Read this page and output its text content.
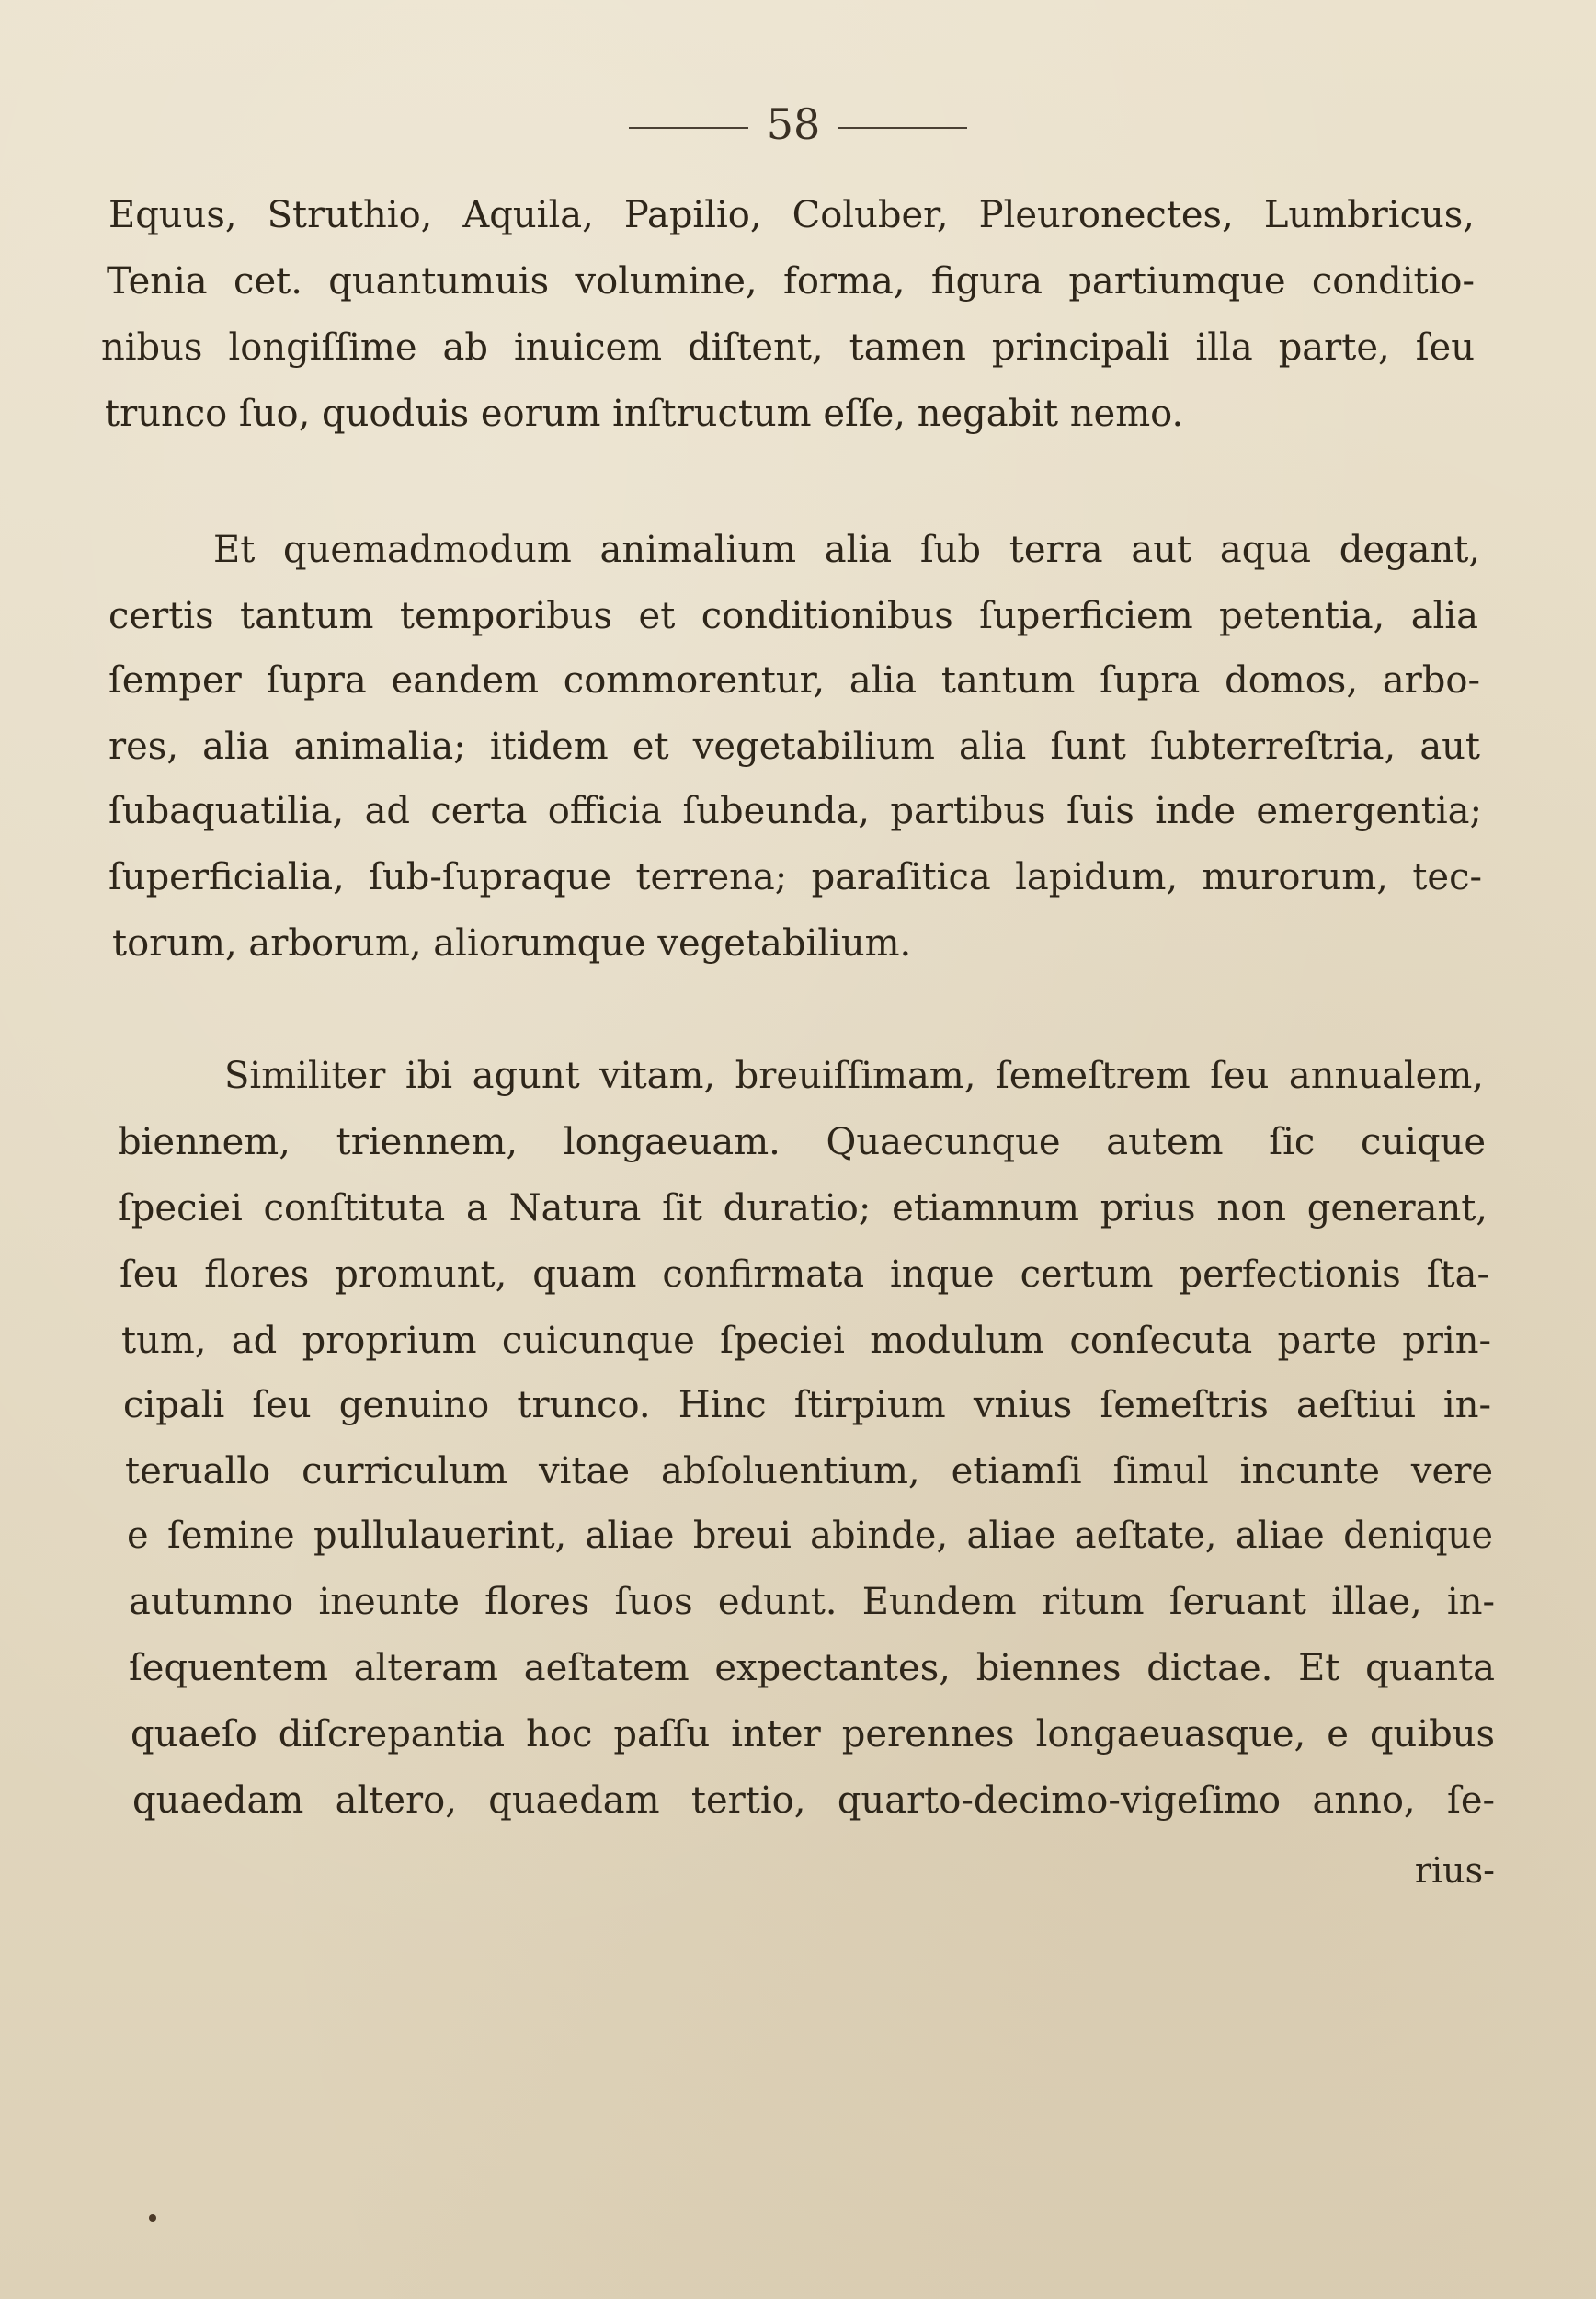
58
Equus, Struthio, Aquila, Papilio, Coluber, Pleuronectes, Lumbricus,
Tenia cet. quantumuis volumine, forma, figura partiumque conditio-
nibus longiſſime ab inuicem diſtent, tamen principali illa parte, ſeu
trunco ſuo, quoduis eorum inſtructum eſſe, negabit nemo.
Et quemadmodum animalium alia ſub terra aut aqua degant,
certis tantum temporibus et conditionibus ſuperficiem petentia, alia
ſemper ſupra eandem commorentur, alia tantum ſupra domos, arbo-
res, alia animalia; itidem et vegetabilium alia ſunt ſubterreſtria, aut
ſubaquatilia, ad certa officia ſubeunda, partibus ſuis inde emergentia;
ſuperficialia, ſub-ſupraque terrena; paraſitica lapidum, murorum, tec-
torum, arborum, aliorumque vegetabilium.
Similiter ibi agunt vitam, breuiſſimam, ſemeſtrem ſeu annualem,
biennem, triennem, longaeuam. Quaecunque autem ſic cuique
ſpeciei conſtituta a Natura ſit duratio; etiamnum prius non generant,
ſeu flores promunt, quam confirmata inque certum perfectionis ſta-
tum, ad proprium cuicunque ſpeciei modulum conſecuta parte prin-
cipali ſeu genuino trunco. Hinc ſtirpium vnius ſemeſtris aeſtiui in-
teruallo curriculum vitae abſoluentium, etiamſi ſimul incunte vere
e ſemine pullulauerint, aliae breui abinde, aliae aeſtate, aliae denique
autumno ineunte flores ſuos edunt. Eundem ritum ſeruant illae, in-
ſequentem alteram aeſtatem expectantes, biennes dictae. Et quanta
quaeſo diſcrepantia hoc paſſu inter perennes longaeuasque, e quibus
quaedam altero, quaedam tertio, quarto-decimo-vigeſimo anno, ſe-
rius-
